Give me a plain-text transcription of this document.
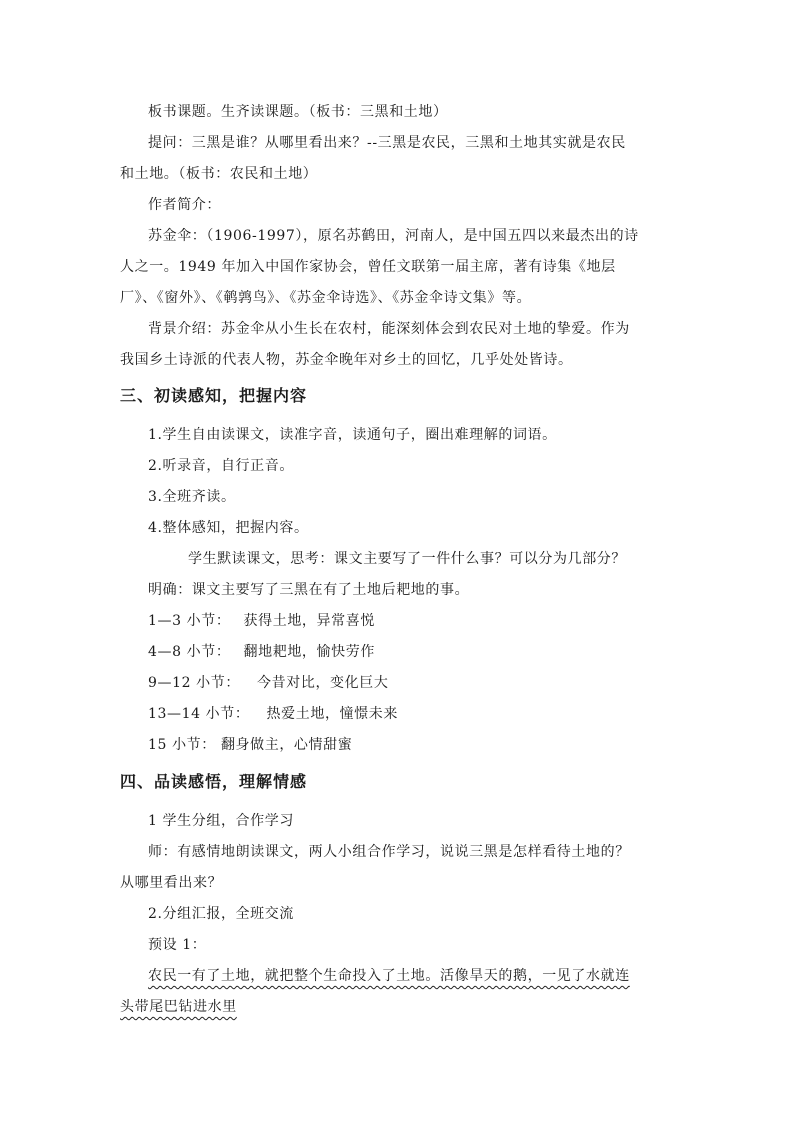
板书课题。生齐读课题。（板书：三黑和土地）
提问：三黑是谁？从哪里看出来？--三黑是农民，三黑和土地其实就是农民
和土地。（板书：农民和土地）
作者简介：
苏金伞：（1906-1997），原名苏鹤田，河南人，是中国五四以来最杰出的诗
人之一。1949 年加入中国作家协会，曾任文联第一届主席，著有诗集《地层
厂》、《窗外》、《鹌鹑鸟》、《苏金伞诗选》、《苏金伞诗文集》等。
背景介绍：苏金伞从小生长在农村，能深刻体会到农民对土地的挚爱。作为
我国乡土诗派的代表人物，苏金伞晚年对乡土的回忆，几乎处处皆诗。
三、初读感知，把握内容
1.学生自由读课文，读准字音，读通句子，圈出难理解的词语。
2.听录音，自行正音。
3.全班齐读。
4.整体感知，把握内容。
学生默读课文，思考：课文主要写了一件什么事？可以分为几部分？
明确：课文主要写了三黑在有了土地后耙地的事。
1—3 小节： 获得土地，异常喜悦
4—8 小节： 翻地耙地，愉快劳作
9—12 小节： 今昔对比，变化巨大
13—14 小节： 热爱土地，憧憬未来
15 小节： 翻身做主，心情甜蜜
四、品读感悟，理解情感
1 学生分组，合作学习
师：有感情地朗读课文，两人小组合作学习，说说三黑是怎样看待土地的？
从哪里看出来？
2.分组汇报，全班交流
预设 1：
农民一有了土地，就把整个生命投入了土地。活像旱天的鹅，一见了水就连
头带尾巴钻进水里
